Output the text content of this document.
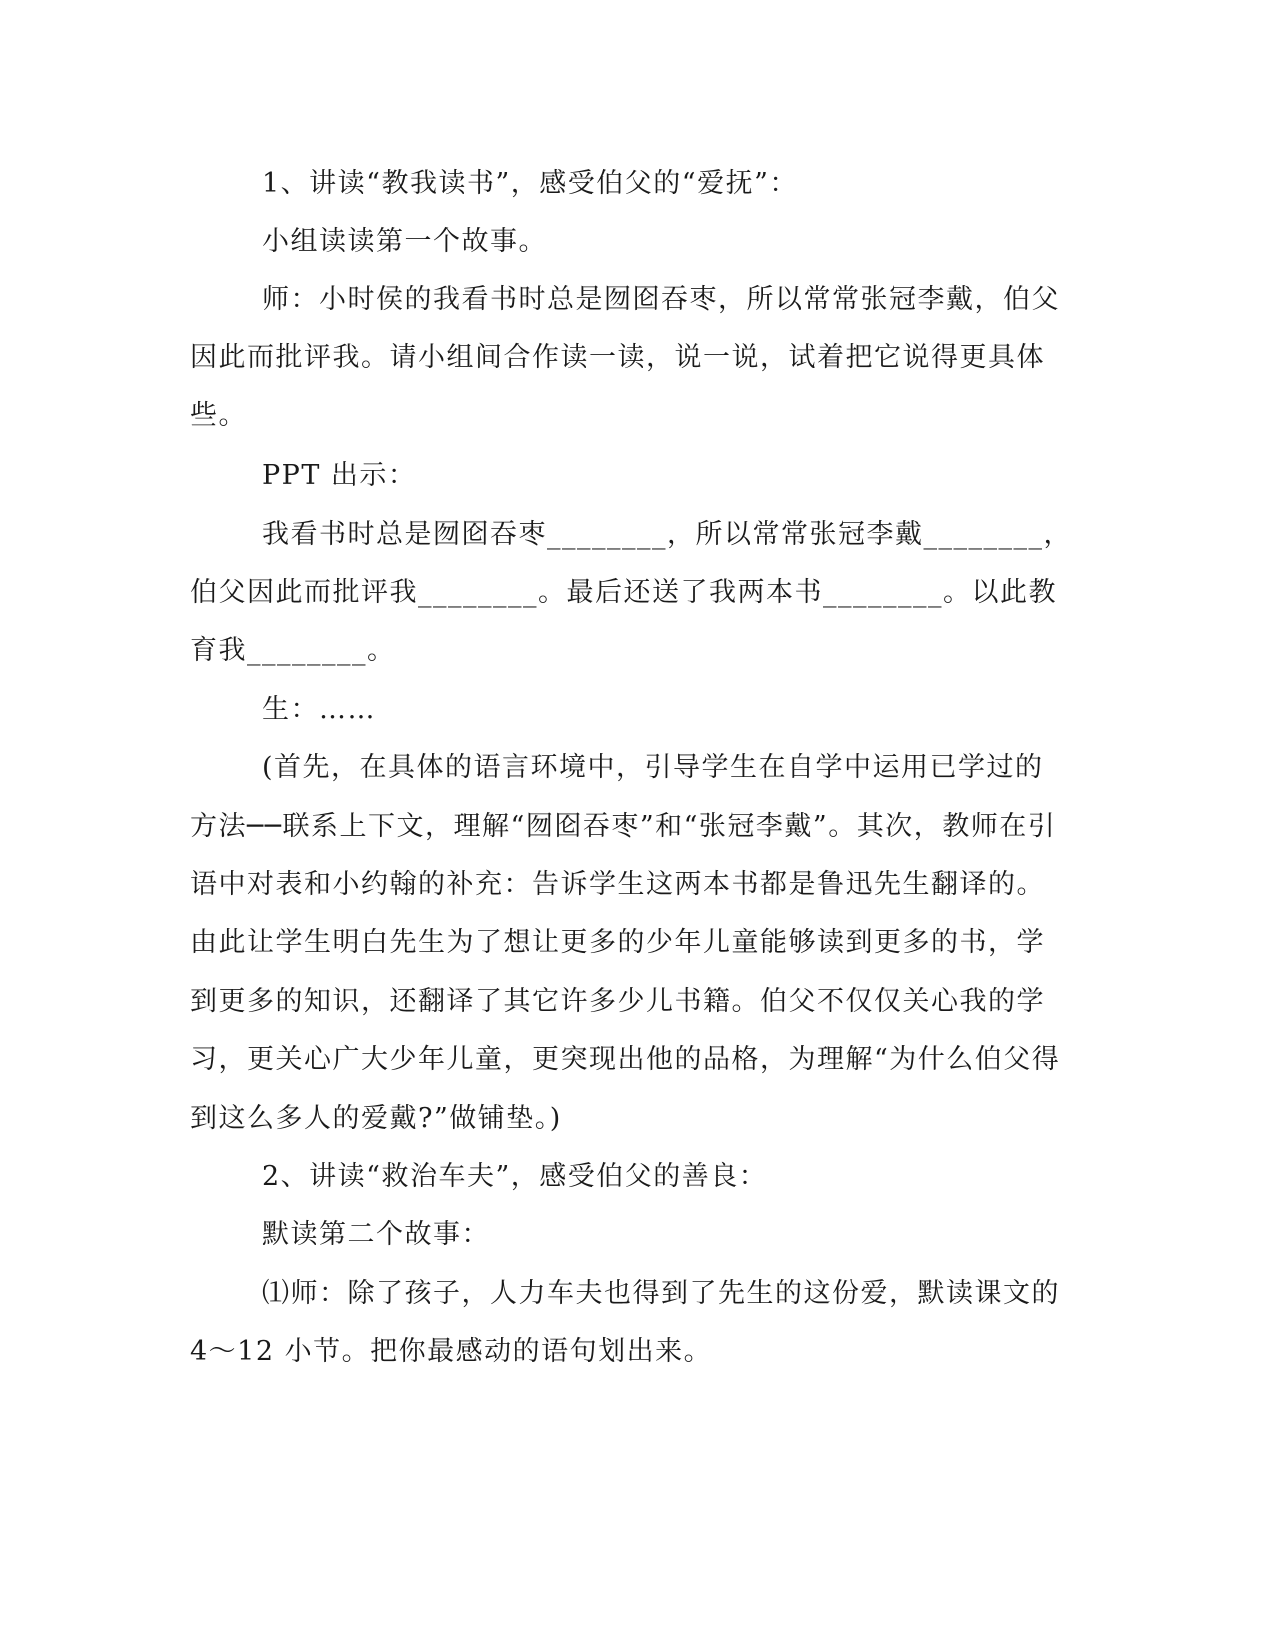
1、讲读“教我读书”，感受伯父的“爱抚”：
小组读读第一个故事。
师：小时侯的我看书时总是囫囵吞枣，所以常常张冠李戴，伯父
因此而批评我。请小组间合作读一读，说一说，试着把它说得更具体
些。
PPT 出示：
我看书时总是囫囵吞枣________，所以常常张冠李戴________，
伯父因此而批评我________。最后还送了我两本书________。以此教
育我________。
生：……
(首先，在具体的语言环境中，引导学生在自学中运用已学过的
方法──联系上下文，理解“囫囵吞枣”和“张冠李戴”。其次，教师在引
语中对表和小约翰的补充：告诉学生这两本书都是鲁迅先生翻译的。
由此让学生明白先生为了想让更多的少年儿童能够读到更多的书，学
到更多的知识，还翻译了其它许多少儿书籍。伯父不仅仅关心我的学
习，更关心广大少年儿童，更突现出他的品格，为理解“为什么伯父得
到这么多人的爱戴?”做铺垫。)
2、讲读“救治车夫”，感受伯父的善良：
默读第二个故事：
⑴师：除了孩子，人力车夫也得到了先生的这份爱，默读课文的
4～12 小节。把你最感动的语句划出来。
